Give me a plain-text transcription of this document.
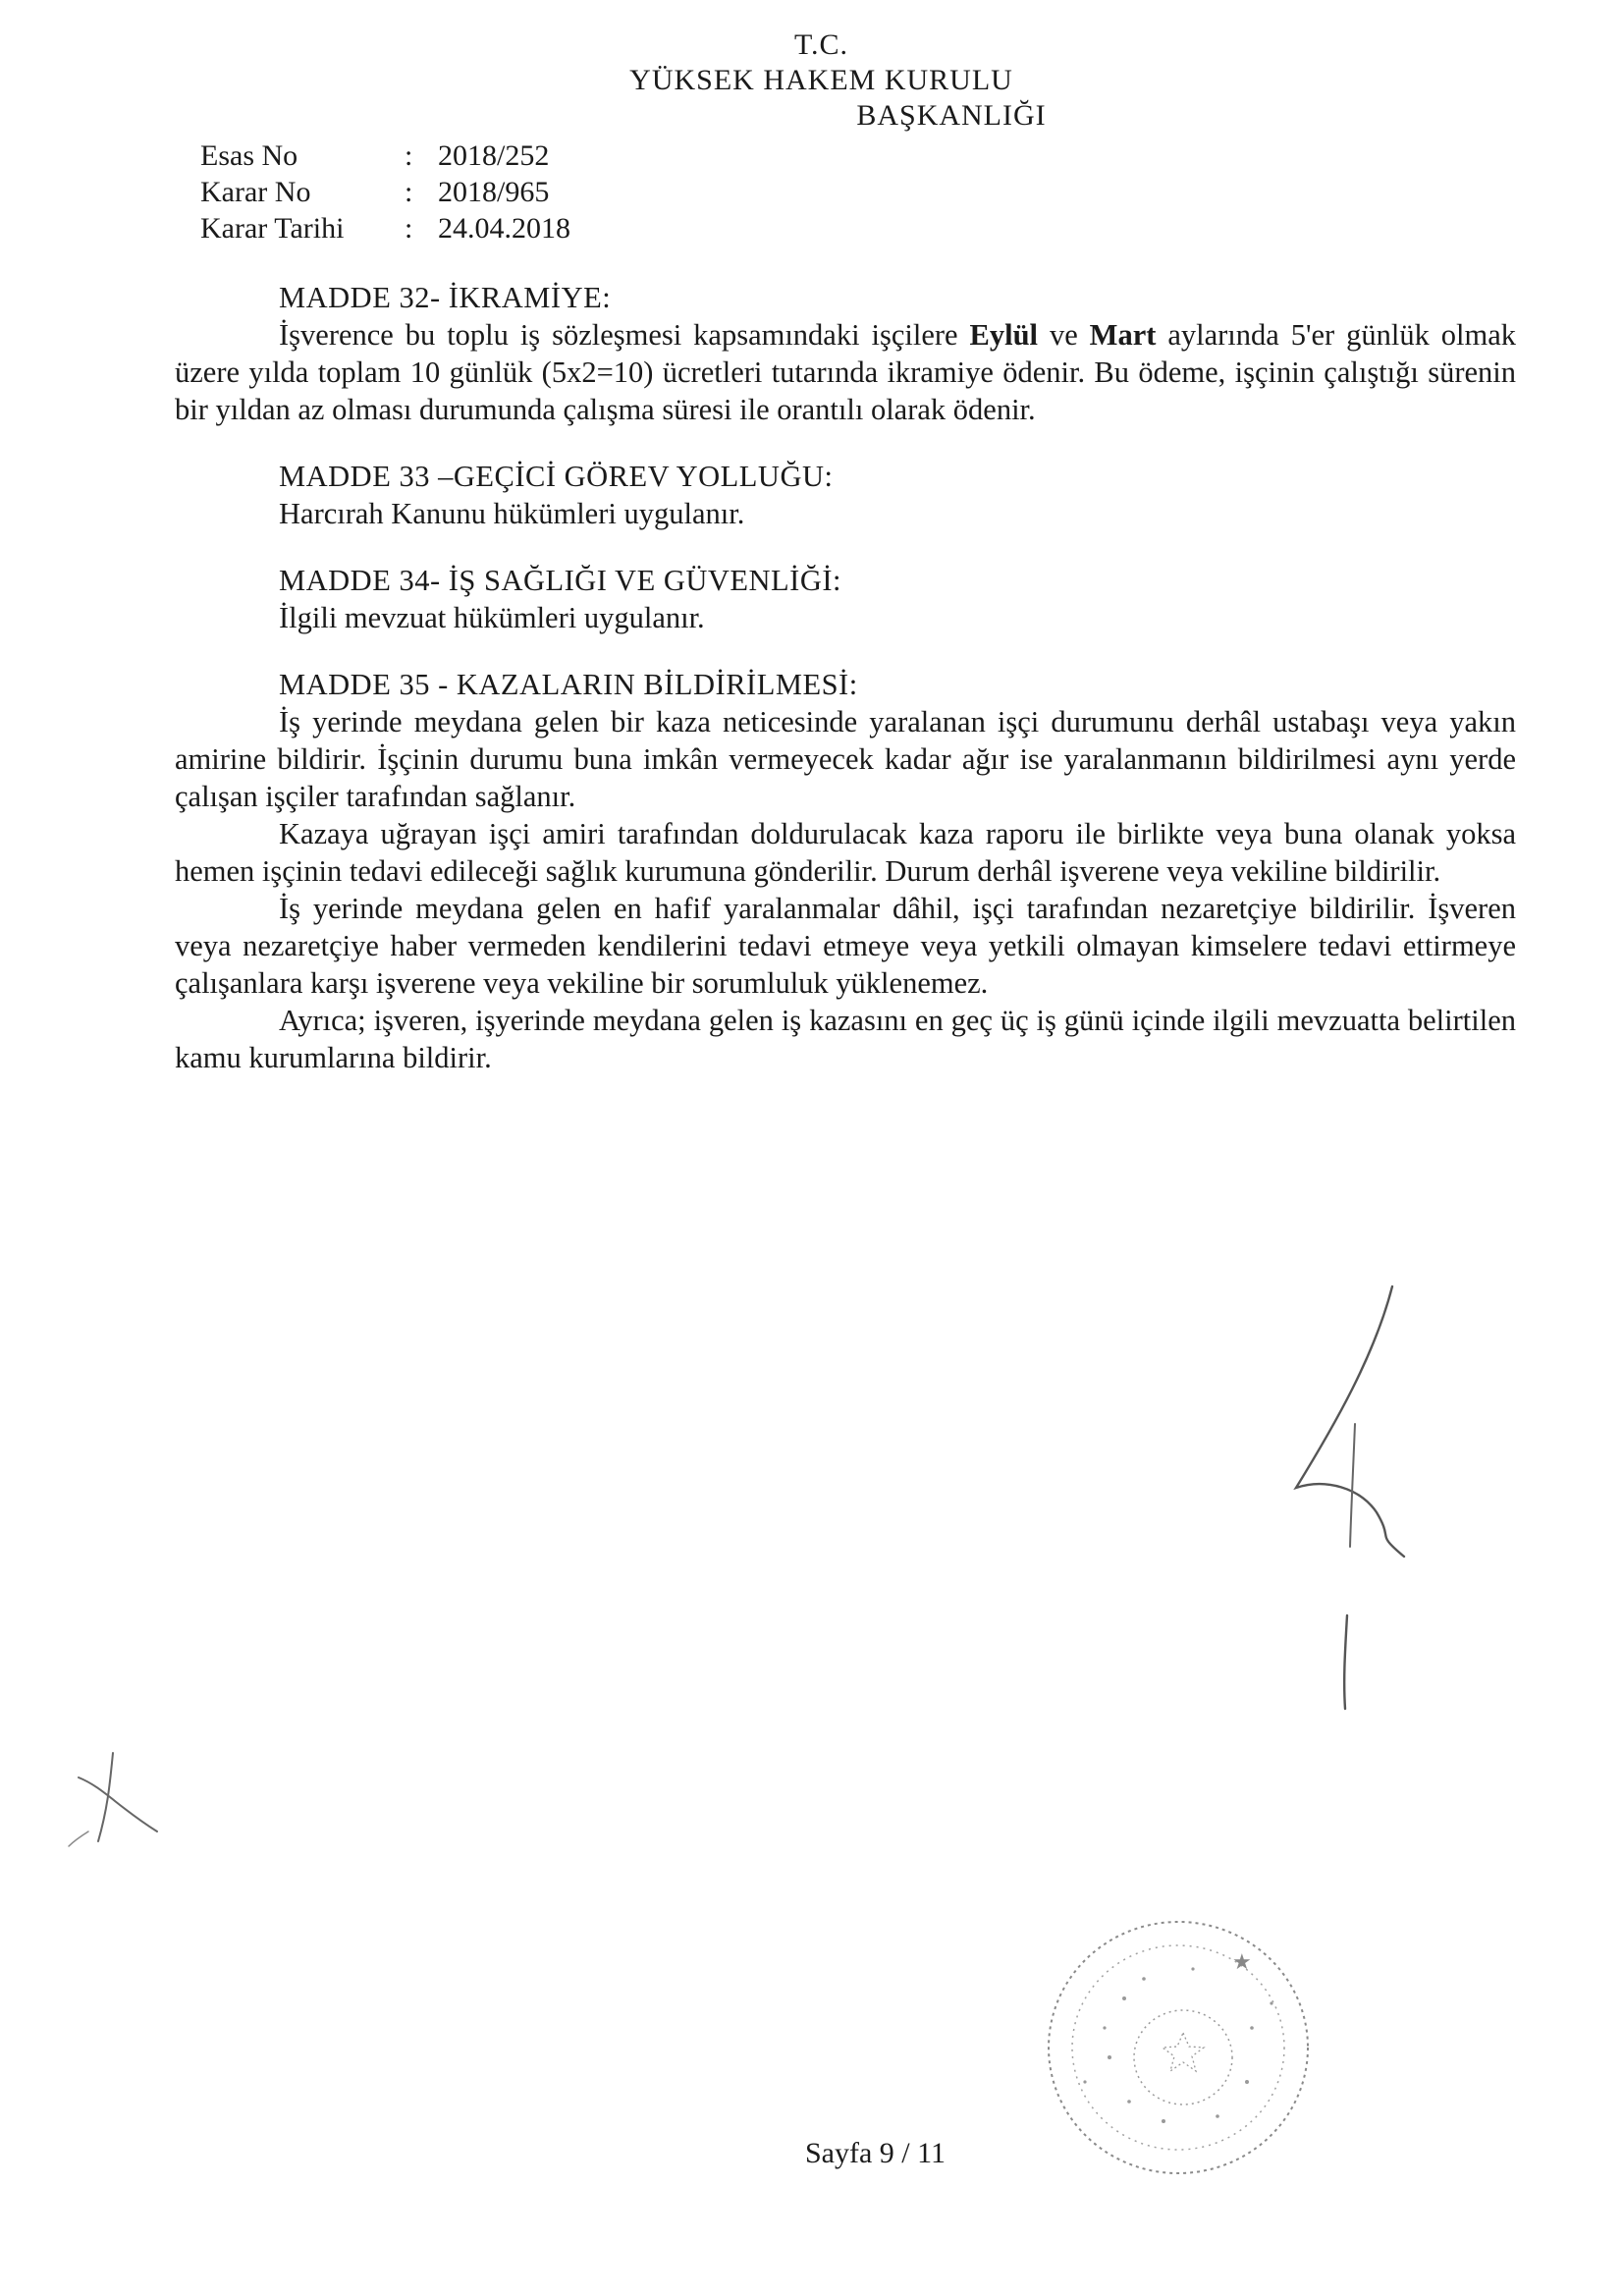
T.C.
YÜKSEK HAKEM KURULU
BAŞKANLIĞI
Esas No	: 2018/252
Karar No	: 2018/965
Karar Tarihi	: 24.04.2018
MADDE 32- İKRAMİYE:

İşverence bu toplu iş sözleşmesi kapsamındaki işçilere Eylül ve Mart aylarında 5'er günlük olmak üzere yılda toplam 10 günlük (5x2=10) ücretleri tutarında ikramiye ödenir. Bu ödeme, işçinin çalıştığı sürenin bir yıldan az olması durumunda çalışma süresi ile orantılı olarak ödenir.

MADDE 33 –GEÇİCİ GÖREV YOLLUĞU:

Harcırah Kanunu hükümleri uygulanır.

MADDE 34- İŞ SAĞLIĞI VE GÜVENLİĞİ:

İlgili mevzuat hükümleri uygulanır.

MADDE 35 - KAZALARIN BİLDİRİLMESİ:

İş yerinde meydana gelen bir kaza neticesinde yaralanan işçi durumunu derhâl ustabaşı veya yakın amirine bildirir. İşçinin durumu buna imkân vermeyecek kadar ağır ise yaralanmanın bildirilmesi aynı yerde çalışan işçiler tarafından sağlanır.

Kazaya uğrayan işçi amiri tarafından doldurulacak kaza raporu ile birlikte veya buna olanak yoksa hemen işçinin tedavi edileceği sağlık kurumuna gönderilir. Durum derhâl işverene veya vekiline bildirilir.

İş yerinde meydana gelen en hafif yaralanmalar dâhil, işçi tarafından nezaretçiye bildirilir. İşveren veya nezaretçiye haber vermeden kendilerini tedavi etmeye veya yetkili olmayan kimselere tedavi ettirmeye çalışanlara karşı işverene veya vekiline bir sorumluluk yüklenemez.

Ayrıca; işveren, işyerinde meydana gelen iş kazasını en geç üç iş günü içinde ilgili mevzuatta belirtilen kamu kurumlarına bildirir.

★
Sayfa 9 / 11
